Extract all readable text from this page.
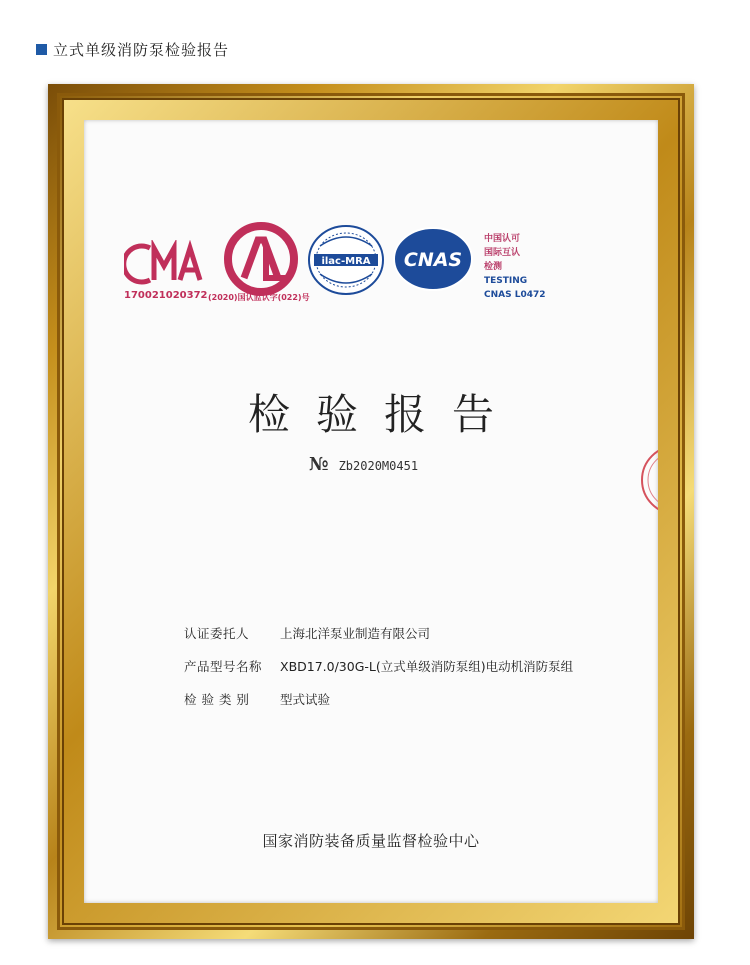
立式单级消防泵检验报告
170021020372 (2020)国认监认字(022)号
ilac-MRA CNAS
中国认可
国际互认
检测
TESTING
CNAS L0472
检验报告
№ Zb2020M0451
认证委托人	上海北洋泵业制造有限公司
产品型号名称	XBD17.0/30G-L(立式单级消防泵组)电动机消防泵组
检 验 类 别	型式试验
国家消防装备质量监督检验中心
